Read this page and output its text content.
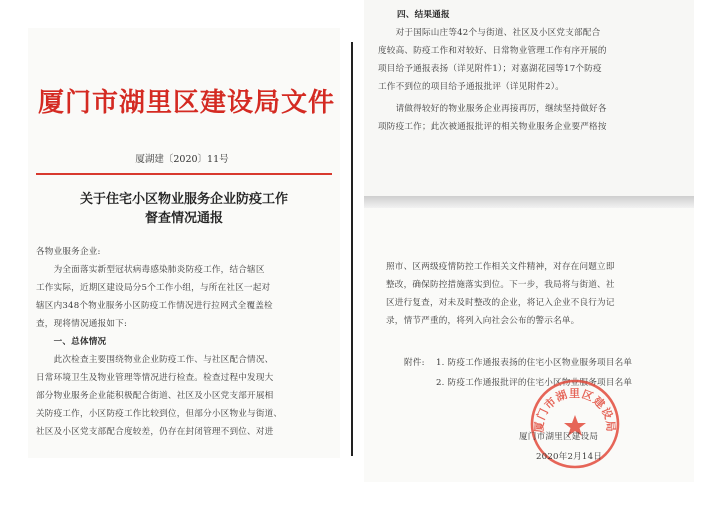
厦门市湖里区建设局文件
厦湖建〔2020〕11号
关于住宅小区物业服务企业防疫工作
督查情况通报
各物业服务企业:
　　为全面落实新型冠状病毒感染肺炎防疫工作，结合辖区
工作实际，近期区建设局分5个工作小组，与所在社区一起对
辖区内348个物业服务小区防疫工作情况进行拉网式全覆盖检
查，现将情况通报如下:
　　一、总体情况
　　此次检查主要围绕物业企业防疫工作、与社区配合情况、
日常环境卫生及物业管理等情况进行检查。检查过程中发现大
部分物业服务企业能积极配合街道、社区及小区党支部开展相
关防疫工作，小区防疫工作比较到位，但部分小区物业与街道、
社区及小区党支部配合度较差，仍存在封闭管理不到位、对进
四、结果通报
　　对于国际山庄等42个与街道、社区及小区党支部配合
度较高、防疫工作和对较好、日常物业管理工作有序开展的
项目给予通报表扬（详见附件1）；对嘉湖花园等17个防疫
工作不到位的项目给予通报批评（详见附件2）。
　　请做得较好的物业服务企业再接再厉，继续坚持做好各
项防疫工作；此次被通报批评的相关物业服务企业要严格按
照市、区两级疫情防控工作相关文件精神，对存在问题立即
整改，确保防控措施落实到位。下一步，我局将与街道、社
区进行复查，对未及时整改的企业，将记入企业不良行为记
录，情节严重的，将列入向社会公布的警示名单。
附件: 1. 防疫工作通报表扬的住宅小区物业服务项目名单
2. 防疫工作通报批评的住宅小区物业服务项目名单
厦门市湖里区建设局
厦门市湖里区建设局
2020年2月14日
